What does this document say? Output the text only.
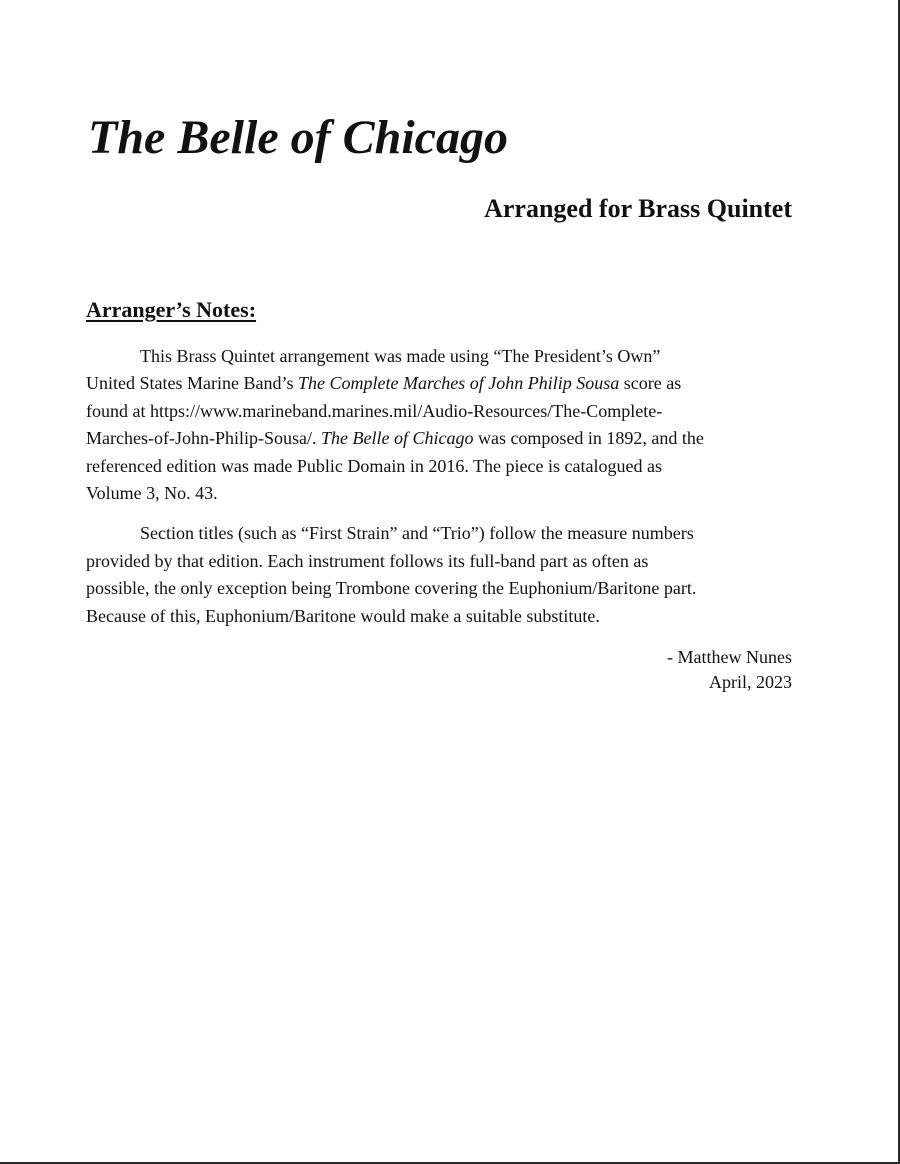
The Belle of Chicago
Arranged for Brass Quintet
Arranger’s Notes:

This Brass Quintet arrangement was made using “The President’s Own”
United States Marine Band’s The Complete Marches of John Philip Sousa score as
found at https://www.marineband.marines.mil/Audio-Resources/The-Complete-
Marches-of-John-Philip-Sousa/. The Belle of Chicago was composed in 1892, and the
referenced edition was made Public Domain in 2016. The piece is catalogued as
Volume 3, No. 43.

Section titles (such as “First Strain” and “Trio”) follow the measure numbers
provided by that edition. Each instrument follows its full-band part as often as
possible, the only exception being Trombone covering the Euphonium/Baritone part.
Because of this, Euphonium/Baritone would make a suitable substitute.

- Matthew Nunes
April, 2023
